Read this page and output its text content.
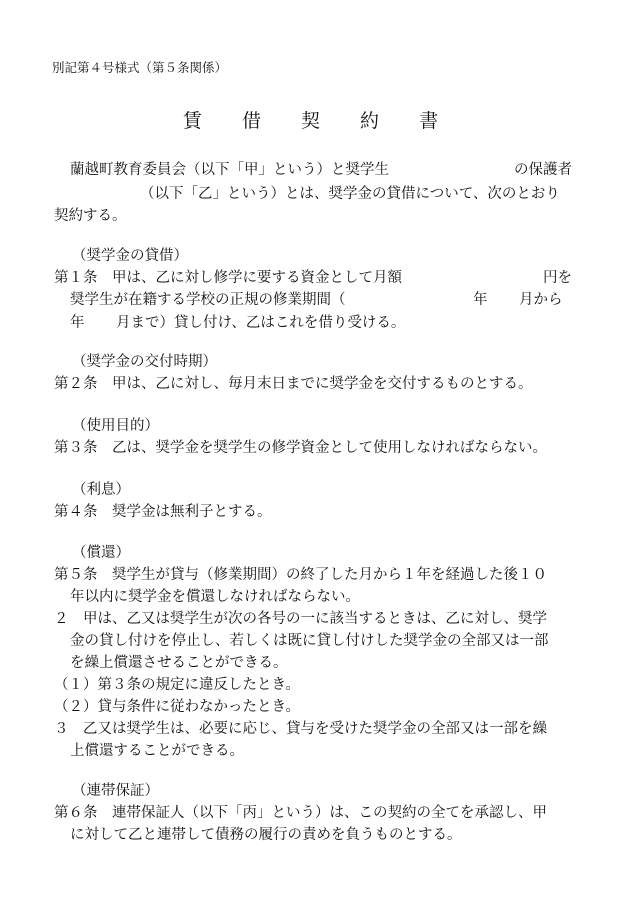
別記第４号様式（第５条関係）
賃 借 契 約 書
蘭越町教育委員会（以下「甲」という）と奨学生	の保護者
（以下「乙」という）とは、奨学金の貸借について、次のとおり
契約する。
（奨学金の貸借）
第１条　甲は、乙に対し修学に要する資金として月額	円を
奨学生が在籍する学校の正規の修業期間（	年 月から
年 月まで）貸し付け、乙はこれを借り受ける。
（奨学金の交付時期）
第２条　甲は、乙に対し、毎月末日までに奨学金を交付するものとする。
（使用目的）
第３条　乙は、奨学金を奨学生の修学資金として使用しなければならない。
（利息）
第４条　奨学金は無利子とする。
（償還）
第５条　奨学生が貸与（修業期間）の終了した月から１年を経過した後１０
年以内に奨学金を償還しなければならない。
２　甲は、乙又は奨学生が次の各号の一に該当するときは、乙に対し、奨学
金の貸し付けを停止し、若しくは既に貸し付けした奨学金の全部又は一部
を繰上償還させることができる。
（１）第３条の規定に違反したとき。
（２）貸与条件に従わなかったとき。
３　乙又は奨学生は、必要に応じ、貸与を受けた奨学金の全部又は一部を繰
上償還することができる。
（連帯保証）
第６条　連帯保証人（以下「丙」という）は、この契約の全てを承認し、甲
に対して乙と連帯して債務の履行の責めを負うものとする。
